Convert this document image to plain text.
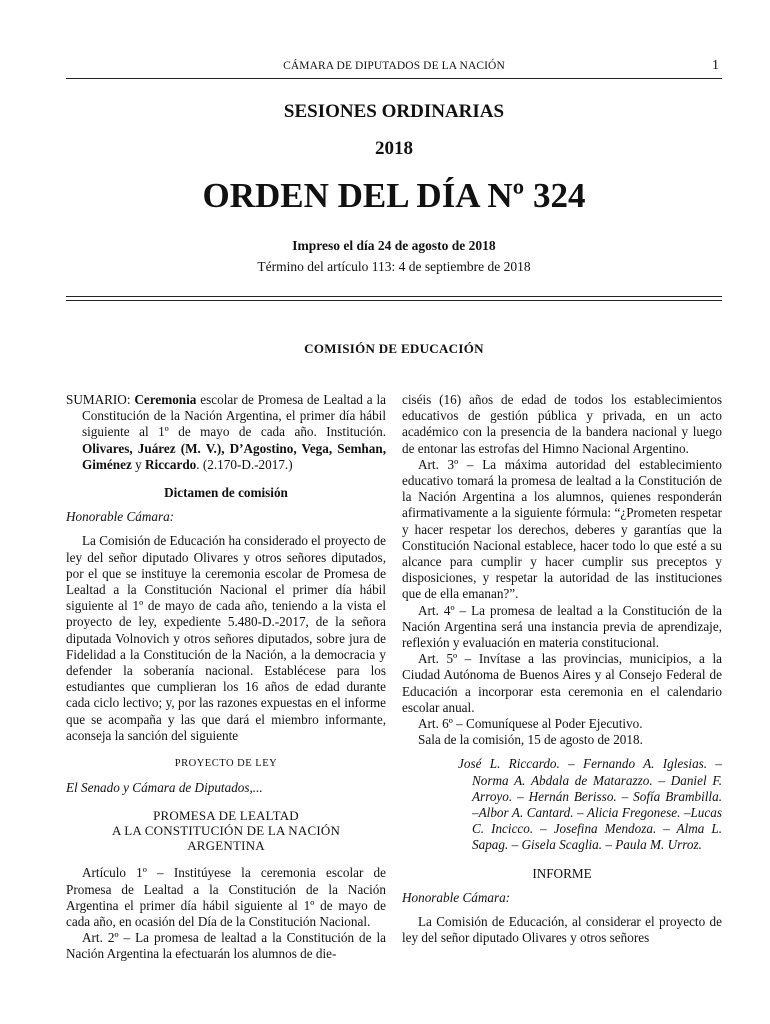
CÁMARA DE DIPUTADOS DE LA NACIÓN	1
SESIONES ORDINARIAS
2018
ORDEN DEL DÍA Nº 324
Impreso el día 24 de agosto de 2018
Término del artículo 113: 4 de septiembre de 2018
COMISIÓN DE EDUCACIÓN

SUMARIO: Ceremonia escolar de Promesa de Lealtad a la Constitución de la Nación Argentina, el primer día hábil siguiente al 1º de mayo de cada año. Institución. Olivares, Juárez (M. V.), D’Agostino, Vega, Semhan, Giménez y Riccardo. (2.170-D.-2017.)

Dictamen de comisión

Honorable Cámara:

La Comisión de Educación ha considerado el proyecto de ley del señor diputado Olivares y otros señores diputados, por el que se instituye la ceremonia escolar de Promesa de Lealtad a la Constitución Nacional el primer día hábil siguiente al 1º de mayo de cada año, teniendo a la vista el proyecto de ley, expediente 5.480-D.-2017, de la señora diputada Volnovich y otros señores diputados, sobre jura de Fidelidad a la Constitución de la Nación, a la democracia y defender la soberanía nacional. Establécese para los estudiantes que cumplieran los 16 años de edad durante cada ciclo lectivo; y, por las razones expuestas en el informe que se acompaña y las que dará el miembro informante, aconseja la sanción del siguiente

PROYECTO DE LEY

El Senado y Cámara de Diputados,...

PROMESA DE LEALTAD

A LA CONSTITUCIÓN DE LA NACIÓN

ARGENTINA

Artículo 1º – Institúyese la ceremonia escolar de Promesa de Lealtad a la Constitución de la Nación Argentina el primer día hábil siguiente al 1º de mayo de cada año, en ocasión del Día de la Constitución Nacional.

Art. 2º – La promesa de lealtad a la Constitución de la Nación Argentina la efectuarán los alumnos de die-

ciséis (16) años de edad de todos los establecimientos educativos de gestión pública y privada, en un acto académico con la presencia de la bandera nacional y luego de entonar las estrofas del Himno Nacional Argentino.

Art. 3º – La máxima autoridad del establecimiento educativo tomará la promesa de lealtad a la Constitución de la Nación Argentina a los alumnos, quienes responderán afirmativamente a la siguiente fórmula: “¿Prometen respetar y hacer respetar los derechos, deberes y garantías que la Constitución Nacional establece, hacer todo lo que esté a su alcance para cumplir y hacer cumplir sus preceptos y disposiciones, y respetar la autoridad de las instituciones que de ella emanan?”.

Art. 4º – La promesa de lealtad a la Constitución de la Nación Argentina será una instancia previa de aprendizaje, reflexión y evaluación en materia constitucional.

Art. 5º – Invítase a las provincias, municipios, a la Ciudad Autónoma de Buenos Aires y al Consejo Federal de Educación a incorporar esta ceremonia en el calendario escolar anual.

Art. 6º – Comuníquese al Poder Ejecutivo.

Sala de la comisión, 15 de agosto de 2018.

José L. Riccardo. – Fernando A. Iglesias. – Norma A. Abdala de Matarazzo. – Daniel F. Arroyo. – Hernán Berisso. – Sofía Brambilla. –Albor A. Cantard. – Alicia Fregonese. –Lucas C. Incicco. – Josefina Mendoza. – Alma L. Sapag. – Gisela Scaglia. – Paula M. Urroz.

INFORME

Honorable Cámara:

La Comisión de Educación, al considerar el proyecto de ley del señor diputado Olivares y otros señores
